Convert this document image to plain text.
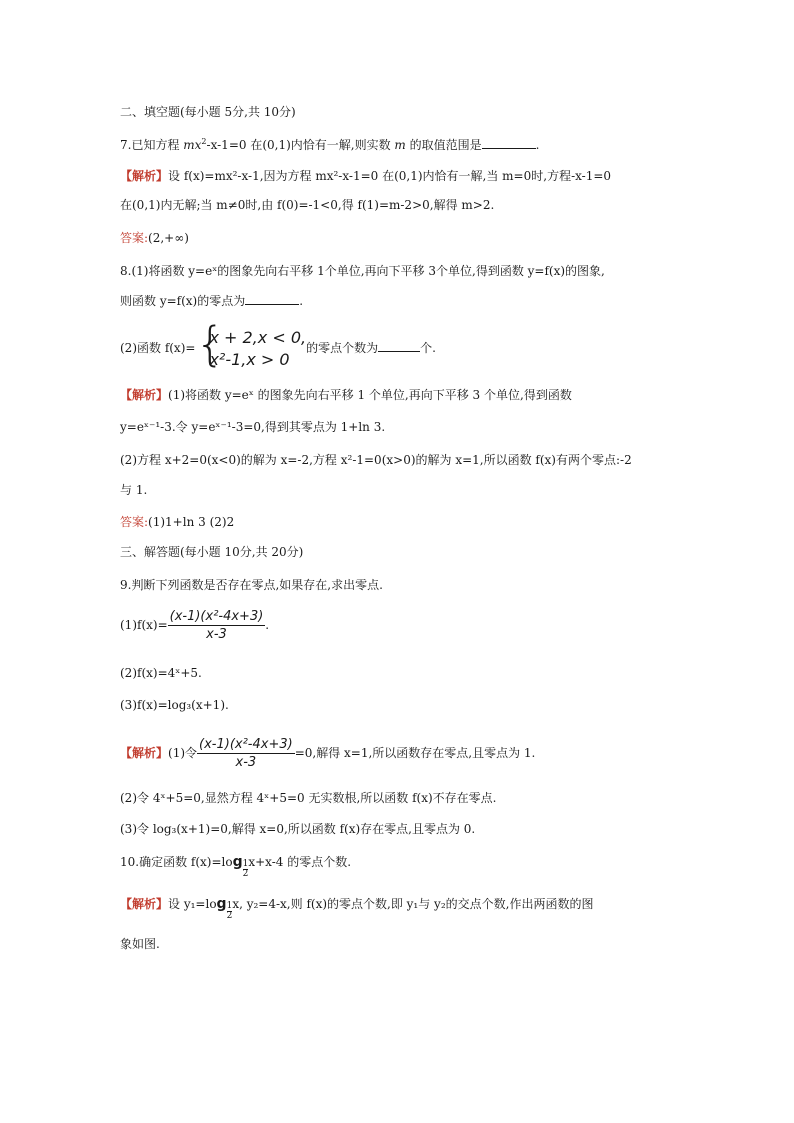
二、填空题(每小题 5分,共 10分)
7.已知方程 $mx^2-x-1=0$ 在(0,1)内恰有一解,则实数 m 的取值范围是	.
【解析】设 f(x)=mx²-x-1,因为方程 mx²-x-1=0 在(0,1)内恰有一解,当 m=0时,方程-x-1=0
在(0,1)内无解;当 m≠0时,由 f(0)=-1<0,得 f(1)=m-2>0,解得 m>2.
答案:(2,+∞)
8.(1)将函数 y=eˣ的图象先向右平移 1个单位,再向下平移 3个单位,得到函数 y=f(x)的图象,
则函数 y=f(x)的零点为	.
(2)函数 f(x)= {
x + 2,x < 0,
x²-1,x > 0
的零点个数为	个.
【解析】(1)将函数 y=eˣ 的图象先向右平移 1 个单位,再向下平移 3 个单位,得到函数
y=eˣ⁻¹-3.令 y=eˣ⁻¹-3=0,得到其零点为 1+ln 3.
(2)方程 x+2=0(x<0)的解为 x=-2,方程 x²-1=0(x>0)的解为 x=1,所以函数 f(x)有两个零点:-2
与 1.
答案:(1)1+ln 3 (2)2
三、解答题(每小题 10分,共 20分)
9.判断下列函数是否存在零点,如果存在,求出零点.
$(1)f(x)= \frac{\text{(x-1)(x²-4x+3)}}{x-3}$ .
(2)f(x)=4ˣ+5.
(3)f(x)=log₃(x+1).
【解析】(1)令 $\frac{\text{(x-1)(x²-4x+3)}}{x-3} =0$,解得 x=1,所以函数存在零点,且零点为 1.
(2)令 4ˣ+5=0,显然方程 4ˣ+5=0 无实数根,所以函数 f(x)不存在零点.
(3)令 log₃(x+1)=0,解得 x=0,所以函数 f(x)存在零点,且零点为 0.
10.确定函数 $f(x)=\log \frac{1}{2} x+x-4$ 的零点个数.
【解析】设 $y_1=\log \frac{1}{2} x$, y₂=4-x,则 f(x)的零点个数,即 y₁与 y₂的交点个数,作出两函数的图
象如图.
